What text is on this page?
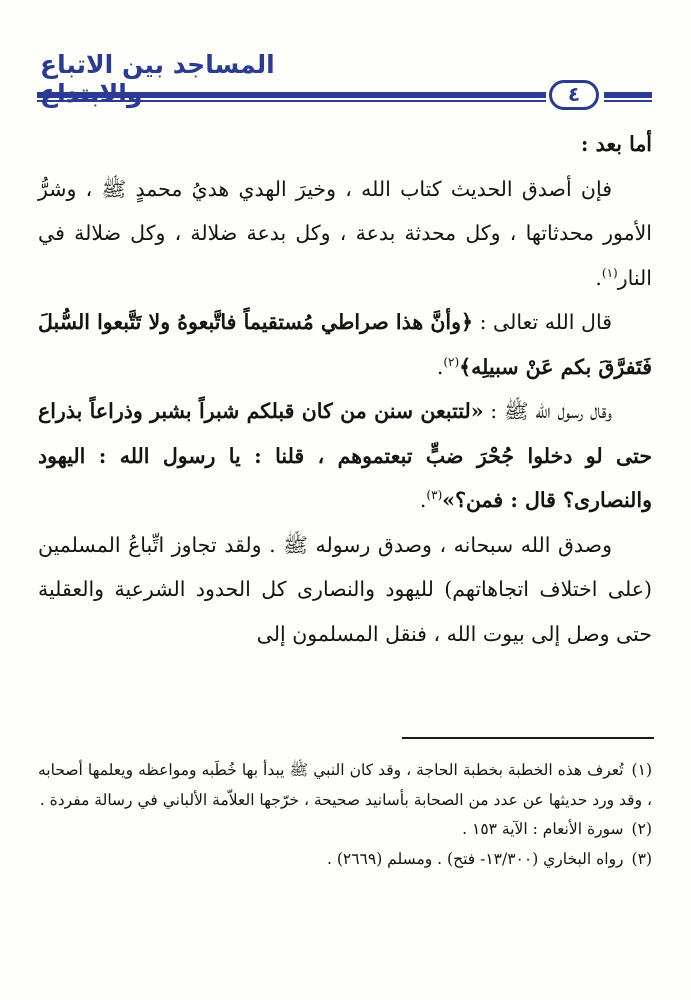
المساجد بين الاتباع
٤

أما بعد :

فإن أصدق الحديث كتاب الله ، وخيرَ الهدي هديُ محمدٍ ﷺ ، وشرُّ الأمور محدثاتها ، وكل محدثة بدعة ، وكل بدعة ضلالة ، وكل ضلالة في النار$^{(١)}$.

قال الله تعالى : ﴿وأنَّ هذا صراطي مُستقيماً فاتَّبعوهُ ولا تَتَّبعوا السُّبلَ فَتَفرَّقَ بكم عَنْ سبيلِه﴾$^{(٢)}$.

وقال رسول الله ﷺ : «لتتبعن سنن من كان قبلكم شبراً بشبر وذراعاً بذراع حتى لو دخلوا جُحْرَ ضبٍّ تبعتموهم ، قلنا : يا رسول الله : اليهود والنصارى؟ قال : فمن؟»$^{(٣)}$.

وصدق الله سبحانه ، وصدق رسوله ﷺ . ولقد تجاوز اتِّباعُ المسلمين (على اختلاف اتجاهاتهم) لليهود والنصارى كل الحدود الشرعية والعقلية حتى وصل إلى بيوت الله ، فنقل المسلمون إلى

(١)تُعرف هذه الخطبة بخطبة الحاجة ، وقد كان النبي ﷺ يبدأ بها خُطَبه ومواعظه ويعلمها أصحابه ، وقد ورد حديثها عن عدد من الصحابة بأسانيد صحيحة ، خرّجها العلاّمة الألباني في رسالة مفردة .

(٢)سورة الأنعام : الآية ١٥٣ .

(٣)رواه البخاري (١٣/٣٠٠- فتح) . ومسلم (٢٦٦٩) .
